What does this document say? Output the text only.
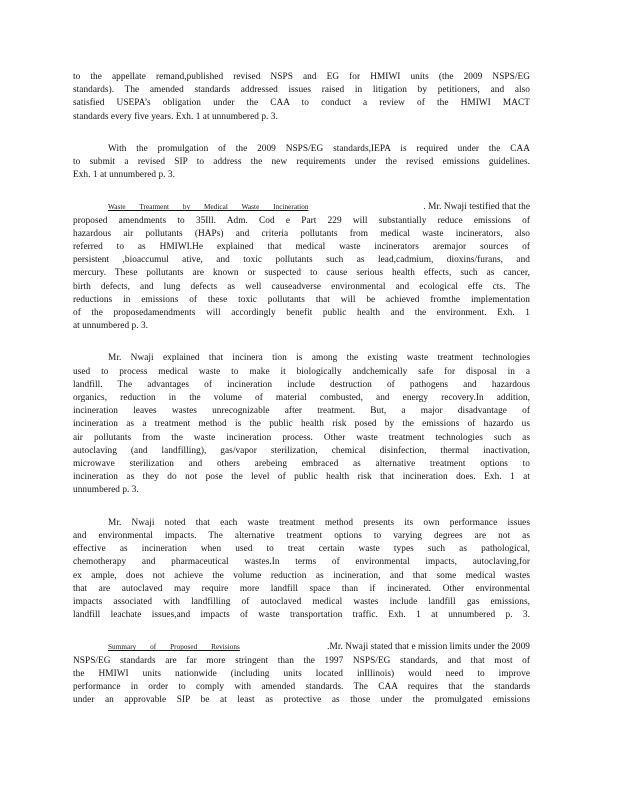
to the appellate remand,published revised NSPS and EG for HMIWI units (the 2009 NSPS/EG
standards). The amended standards addressed issues raised in litigation by petitioners, and also
satisfied USEPA’s obligation under the CAA to conduct a review of the HMIWI MACT
standards every five years. Exh. 1 at unnumbered p. 3.
With the promulgation of the 2009 NSPS/EG standards,IEPA is required under the CAA
to submit a revised SIP to address the new requirements under the revised emissions guidelines.
Exh. 1 at unnumbered p. 3.
Waste Treatment by Medical Waste Incineration	. Mr. Nwaji testified that the
proposed amendments to 35Ill. Adm. Cod e Part 229 will substantially reduce emissions of
hazardous air pollutants (HAPs) and criteria pollutants from medical waste incinerators, also
referred to as HMIWI.He explained that medical waste incinerators aremajor sources of
persistent ,bioaccumul ative, and toxic pollutants such as lead,cadmium, dioxins/furans, and
mercury. These pollutants are known or suspected to cause serious health effects, such as cancer,
birth defects, and lung defects as well causeadverse environmental and ecological effe cts. The
reductions in emissions of these toxic pollutants that will be achieved fromthe implementation
of the proposedamendments will accordingly benefit public health and the environment. Exh. 1
at unnumbered p. 3.
Mr. Nwaji explained that incinera tion is among the existing waste treatment technologies
used to process medical waste to make it biologically andchemically safe for disposal in a
landfill. The advantages of incineration include destruction of pathogens and hazardous
organics, reduction in the volume of material combusted, and energy recovery.In addition,
incineration leaves wastes unrecognizable after treatment. But, a major disadvantage of
incineration as a treatment method is the public health risk posed by the emissions of hazardo us
air pollutants from the waste incineration process. Other waste treatment technologies such as
autoclaving (and landfilling), gas/vapor sterilization, chemical disinfection, thermal inactivation,
microwave sterilization and others arebeing embraced as alternative treatment options to
incineration as they do not pose the level of public health risk that incineration does. Exh. 1 at
unnumbered p. 3.
Mr. Nwaji noted that each waste treatment method presents its own performance issues
and environmental impacts. The alternative treatment options to varying degrees are not as
effective as incineration when used to treat certain waste types such as pathological,
chemotherapy and pharmaceutical wastes.In terms of environmental impacts, autoclaving,for
ex ample, does not achieve the volume reduction as incineration, and that some medical wastes
that are autoclaved may require more landfill space than if incinerated. Other environmental
impacts associated with landfilling of autoclaved medical wastes include landfill gas emissions,
landfill leachate issues,and impacts of waste transportation traffic. Exh. 1 at unnumbered p. 3.
Summary of Proposed Revisions	.Mr. Nwaji stated that e mission limits under the 2009
NSPS/EG standards are far more stringent than the 1997 NSPS/EG standards, and that most of
the HMIWI units nationwide (including units located inIllinois) would need to improve
performance in order to comply with amended standards. The CAA requires that the standards
under an approvable SIP be at least as protective as those under the promulgated emissions
